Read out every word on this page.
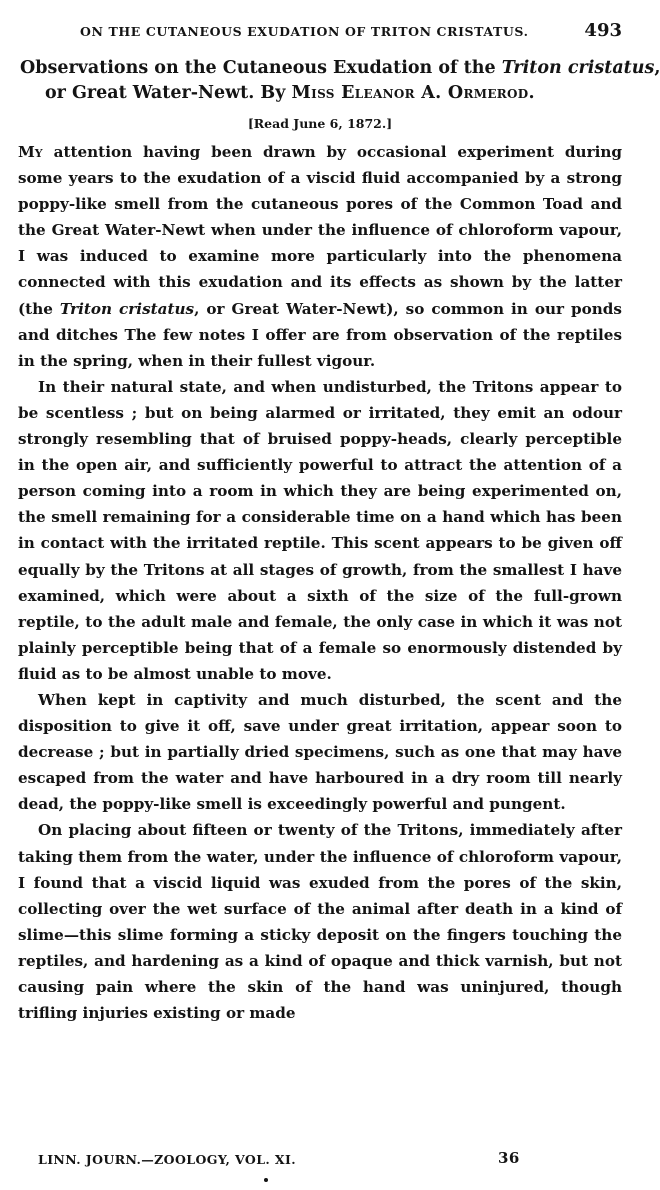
ON THE CUTANEOUS EXUDATION OF TRITON CRISTATUS.	493
Observations on the Cutaneous Exudation of the Triton cristatus,
or Great Water-Newt. By Miss Eleanor A. Ormerod.
[Read June 6, 1872.]

My attention having been drawn by occasional experiment during some years to the exudation of a viscid fluid accompanied by a strong poppy-like smell from the cutaneous pores of the Common Toad and the Great Water-Newt when under the influence of chloroform vapour, I was induced to examine more particularly into the phenomena connected with this exudation and its effects as shown by the latter (the Triton cristatus, or Great Water-Newt), so common in our ponds and ditches The few notes I offer are from observation of the reptiles in the spring, when in their fullest vigour.

In their natural state, and when undisturbed, the Tritons appear to be scentless ; but on being alarmed or irritated, they emit an odour strongly resembling that of bruised poppy-heads, clearly perceptible in the open air, and sufficiently powerful to attract the attention of a person coming into a room in which they are being experimented on, the smell remaining for a considerable time on a hand which has been in contact with the irritated reptile. This scent appears to be given off equally by the Tritons at all stages of growth, from the smallest I have examined, which were about a sixth of the size of the full-grown reptile, to the adult male and female, the only case in which it was not plainly perceptible being that of a female so enormously distended by fluid as to be almost unable to move.

When kept in captivity and much disturbed, the scent and the disposition to give it off, save under great irritation, appear soon to decrease ; but in partially dried specimens, such as one that may have escaped from the water and have harboured in a dry room till nearly dead, the poppy-like smell is exceedingly powerful and pungent.

On placing about fifteen or twenty of the Tritons, immediately after taking them from the water, under the influence of chloroform vapour, I found that a viscid liquid was exuded from the pores of the skin, collecting over the wet surface of the animal after death in a kind of slime—this slime forming a sticky deposit on the fingers touching the reptiles, and hardening as a kind of opaque and thick varnish, but not causing pain where the skin of the hand was uninjured, though trifling injuries existing or made

LINN. JOURN.—ZOOLOGY, VOL. XI.	36
